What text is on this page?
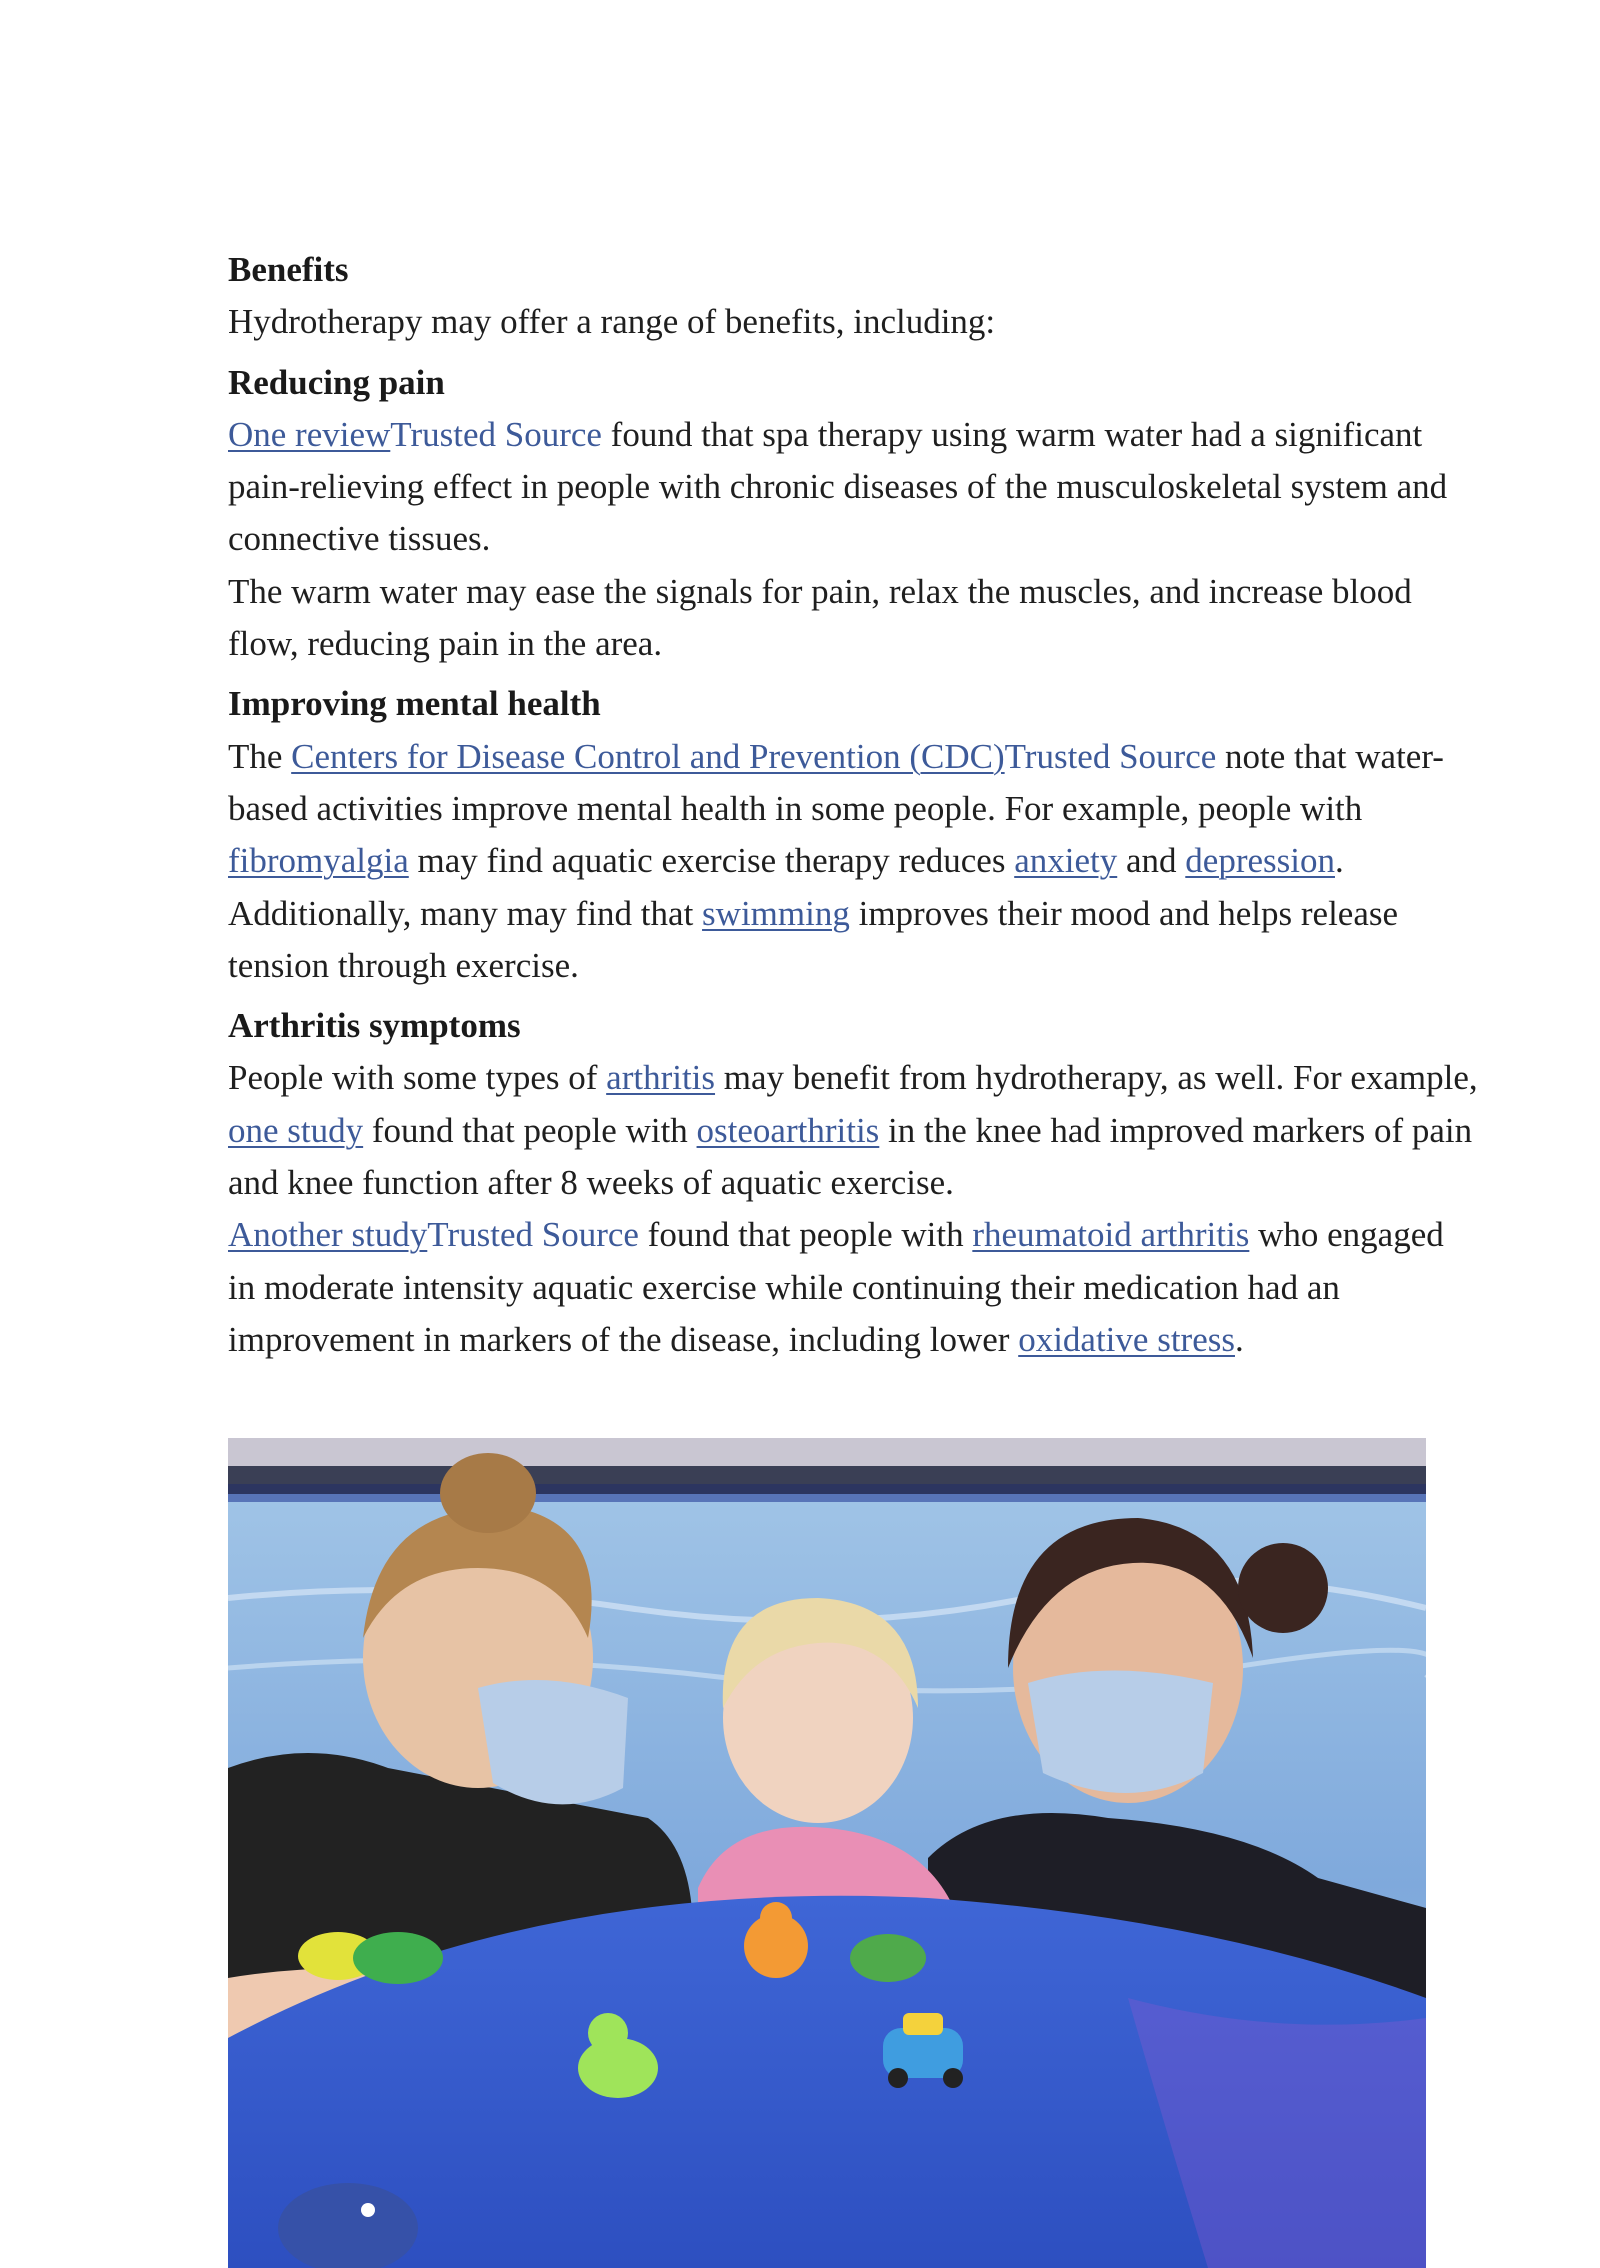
Benefits

Hydrotherapy may offer a range of benefits, including:

Reducing pain

One reviewTrusted Source found that spa therapy using warm water had a significant pain-relieving effect in people with chronic diseases of the musculoskeletal system and connective tissues.

The warm water may ease the signals for pain, relax the muscles, and increase blood flow, reducing pain in the area.

Improving mental health

The Centers for Disease Control and Prevention (CDC)Trusted Source note that water-based activities improve mental health in some people. For example, people with fibromyalgia may find aquatic exercise therapy reduces anxiety and depression.

Additionally, many may find that swimming improves their mood and helps release tension through exercise.

Arthritis symptoms

People with some types of arthritis may benefit from hydrotherapy, as well. For example, one study found that people with osteoarthritis in the knee had improved markers of pain and knee function after 8 weeks of aquatic exercise.

Another studyTrusted Source found that people with rheumatoid arthritis who engaged in moderate intensity aquatic exercise while continuing their medication had an improvement in markers of the disease, including lower oxidative stress.
